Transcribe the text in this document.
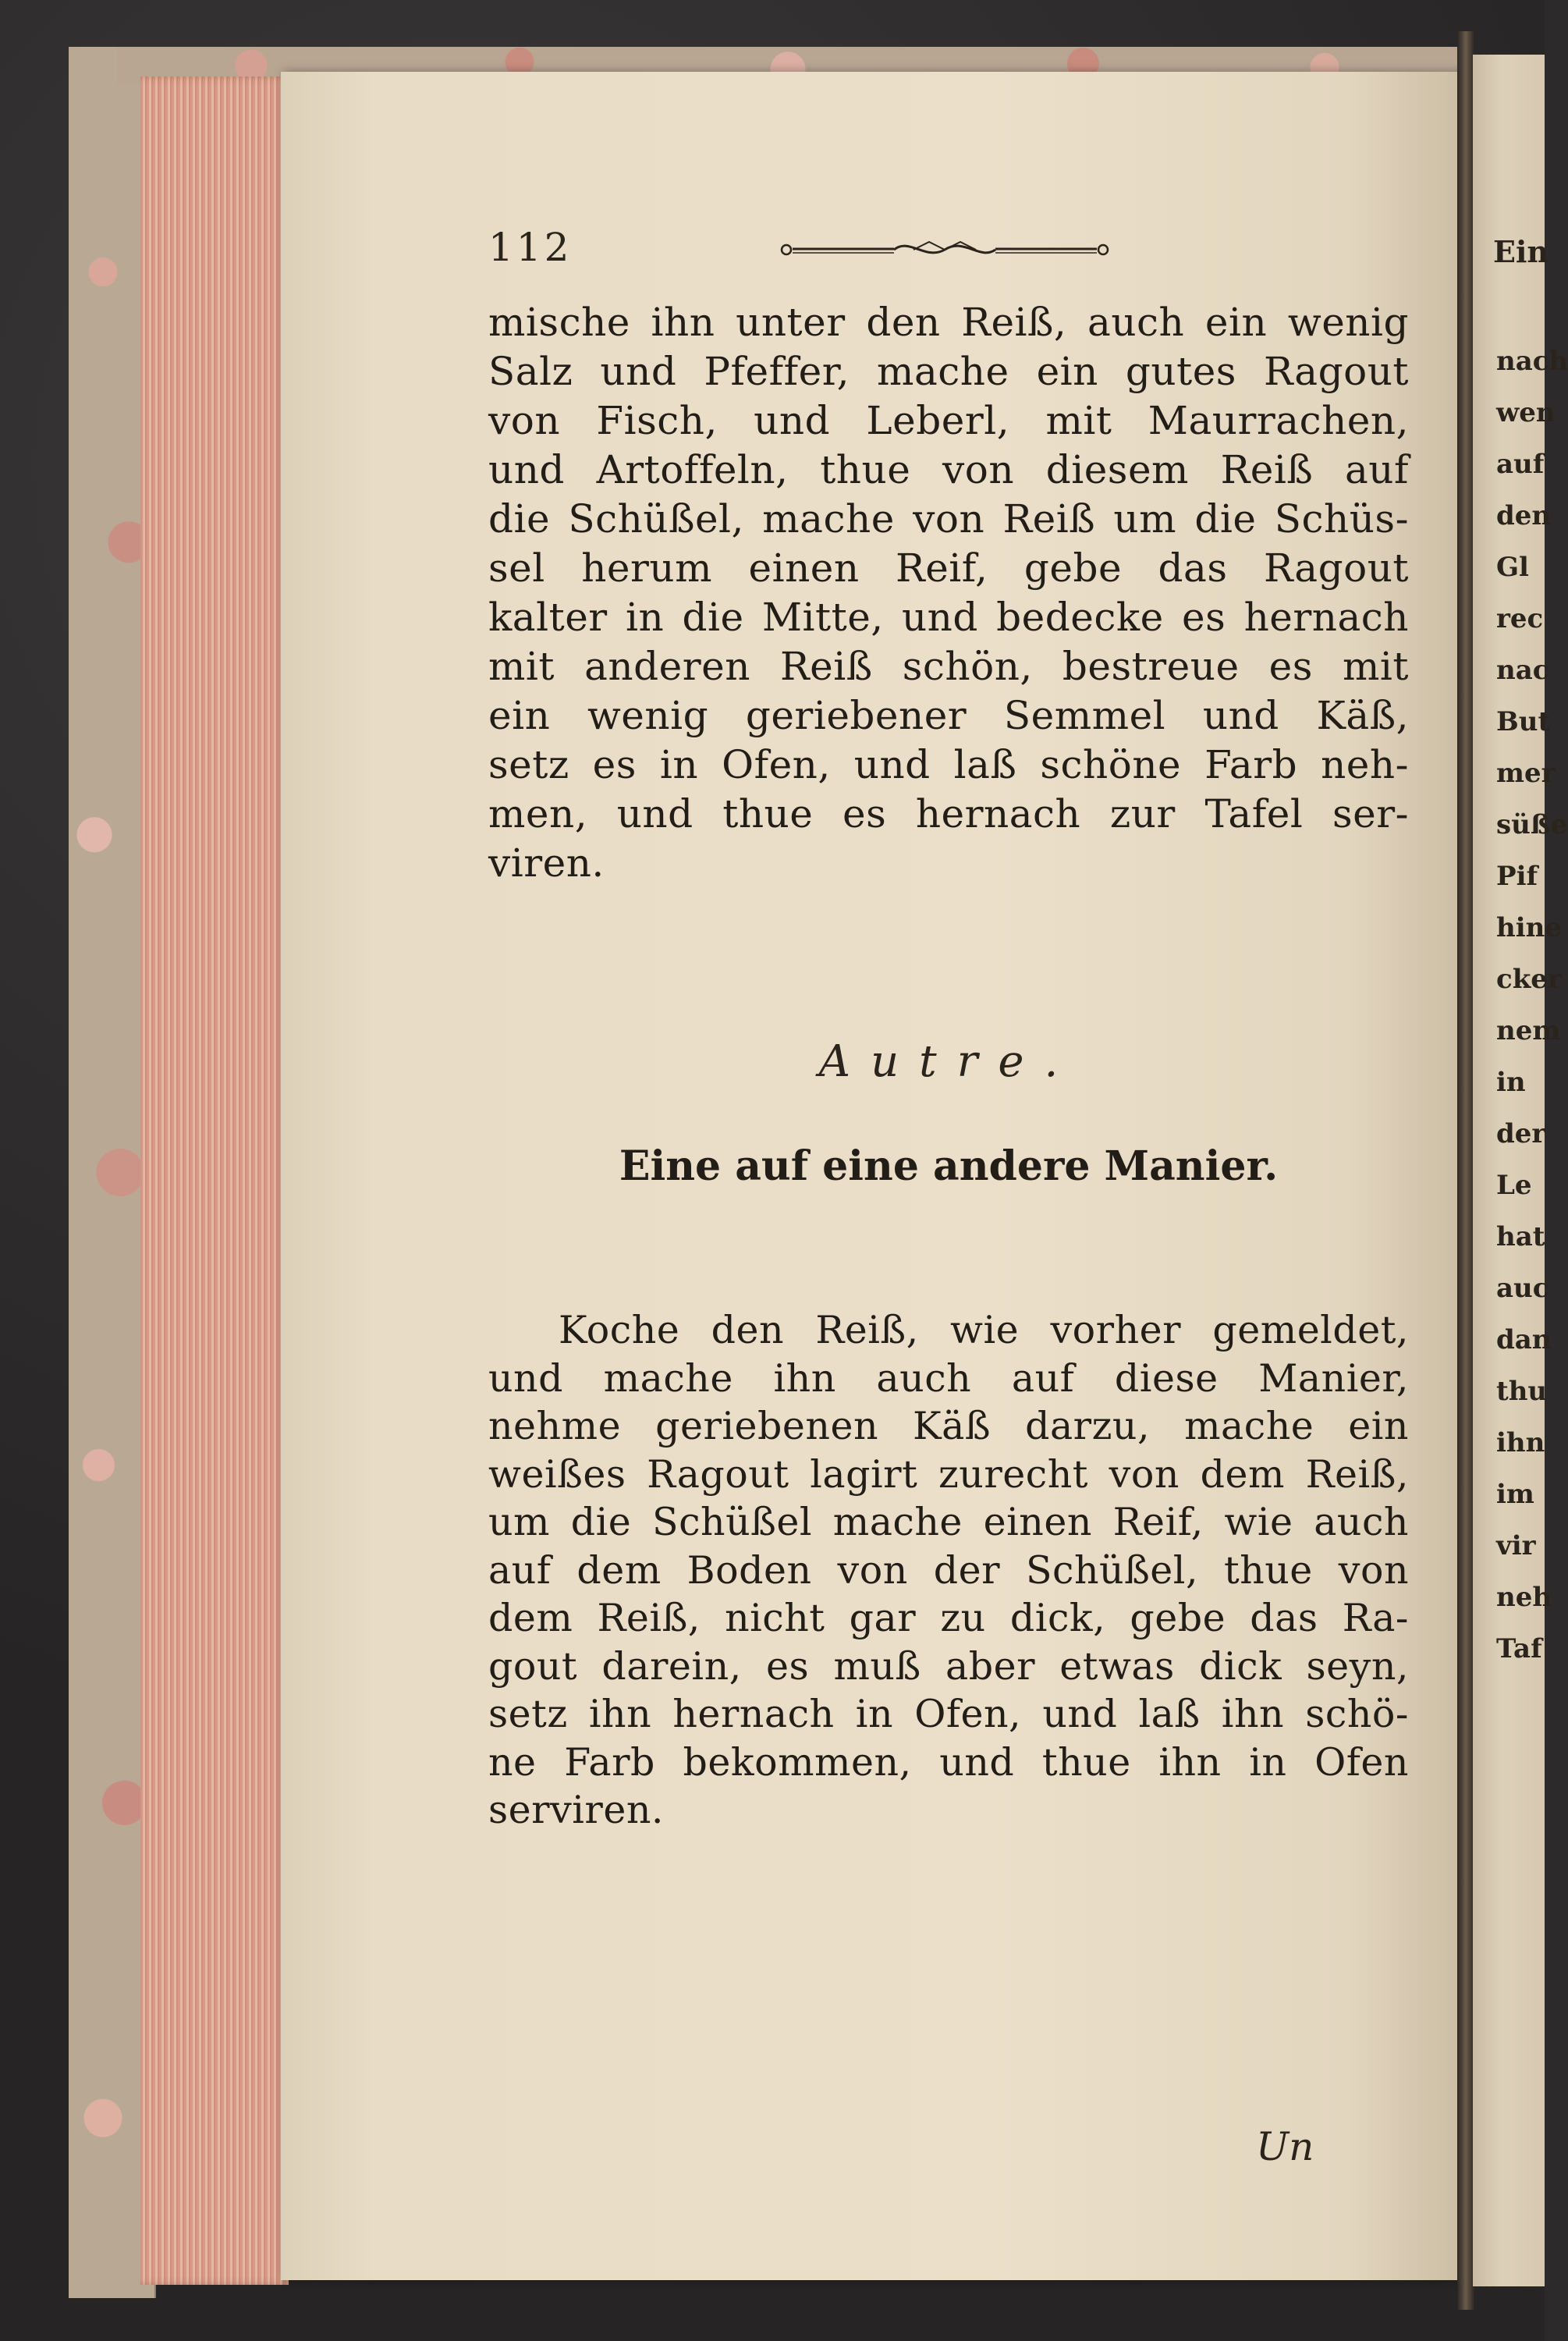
Ein
nach
wen
auf
den
Gl
rec
nac
But
mer
süße
Pif
hine
cker
nem
in
der
Le
hat
auc
dan
thu
ihn
im
vir
neh
Taf
112
mische ihn unter den Reiß, auch ein wenig
Salz und Pfeffer, mache ein gutes Ragout
von Fisch, und Leberl, mit Maurrachen,
und Artoffeln, thue von diesem Reiß auf
die Schüßel, mache von Reiß um die Schüs-
sel herum einen Reif, gebe das Ragout
kalter in die Mitte, und bedecke es hernach
mit anderen Reiß schön, bestreue es mit
ein wenig geriebener Semmel und Käß,
setz es in Ofen, und laß schöne Farb neh-
men, und thue es hernach zur Tafel ser-
viren.
Autre.
Eine auf eine andere Manier.
Koche den Reiß, wie vorher gemeldet,
und mache ihn auch auf diese Manier,
nehme geriebenen Käß darzu, mache ein
weißes Ragout lagirt zurecht von dem Reiß,
um die Schüßel mache einen Reif, wie auch
auf dem Boden von der Schüßel, thue von
dem Reiß, nicht gar zu dick, gebe das Ra-
gout darein, es muß aber etwas dick seyn,
setz ihn hernach in Ofen, und laß ihn schö-
ne Farb bekommen, und thue ihn in Ofen
serviren.
Un
